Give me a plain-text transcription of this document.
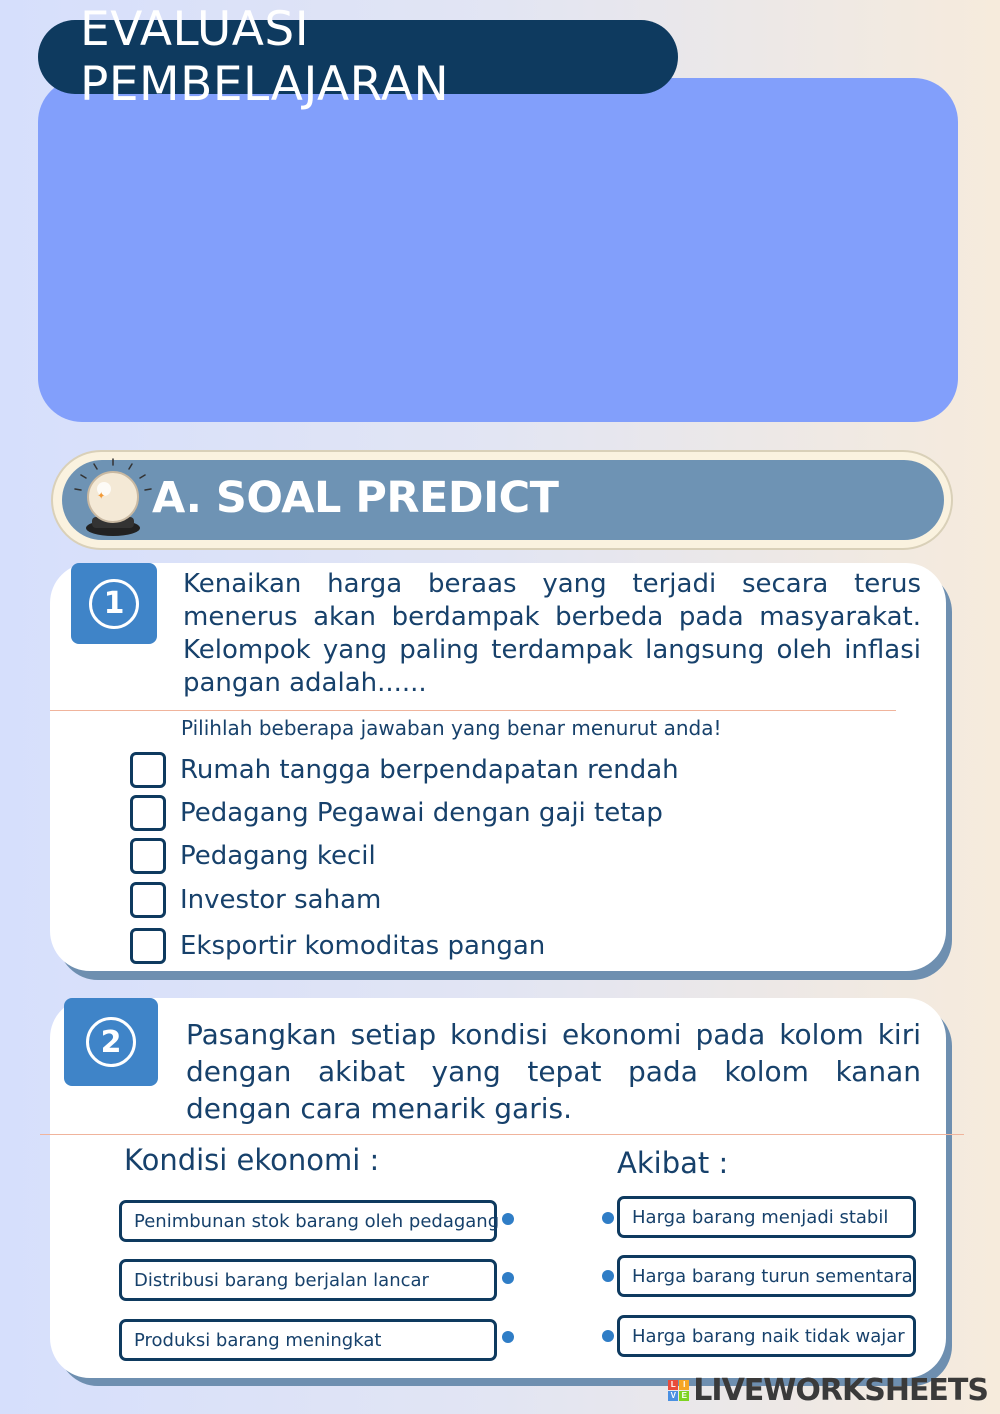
EVALUASI PEMBELAJARAN
✦ A. SOAL PREDICT
1
Kenaikan harga beraas yang terjadi secara terus menerus akan berdampak berbeda pada masyarakat. Kelompok yang paling terdampak langsung oleh inflasi pangan adalah......
Pilihlah beberapa jawaban yang benar menurut anda!
Rumah tangga berpendapatan rendah
Pedagang Pegawai dengan gaji tetap
Pedagang kecil
Investor saham
Eksportir komoditas pangan
2	Pasangkan setiap kondisi ekonomi pada kolom kiri dengan akibat yang tepat pada kolom kanan dengan cara menarik garis.
Kondisi ekonomi :	Akibat :
Penimbunan stok barang oleh pedagang
Distribusi barang berjalan lancar
Produksi barang meningkat
Harga barang menjadi stabil
Harga barang turun sementara
Harga barang naik tidak wajar
L I
V E LIVEWORKSHEETS
